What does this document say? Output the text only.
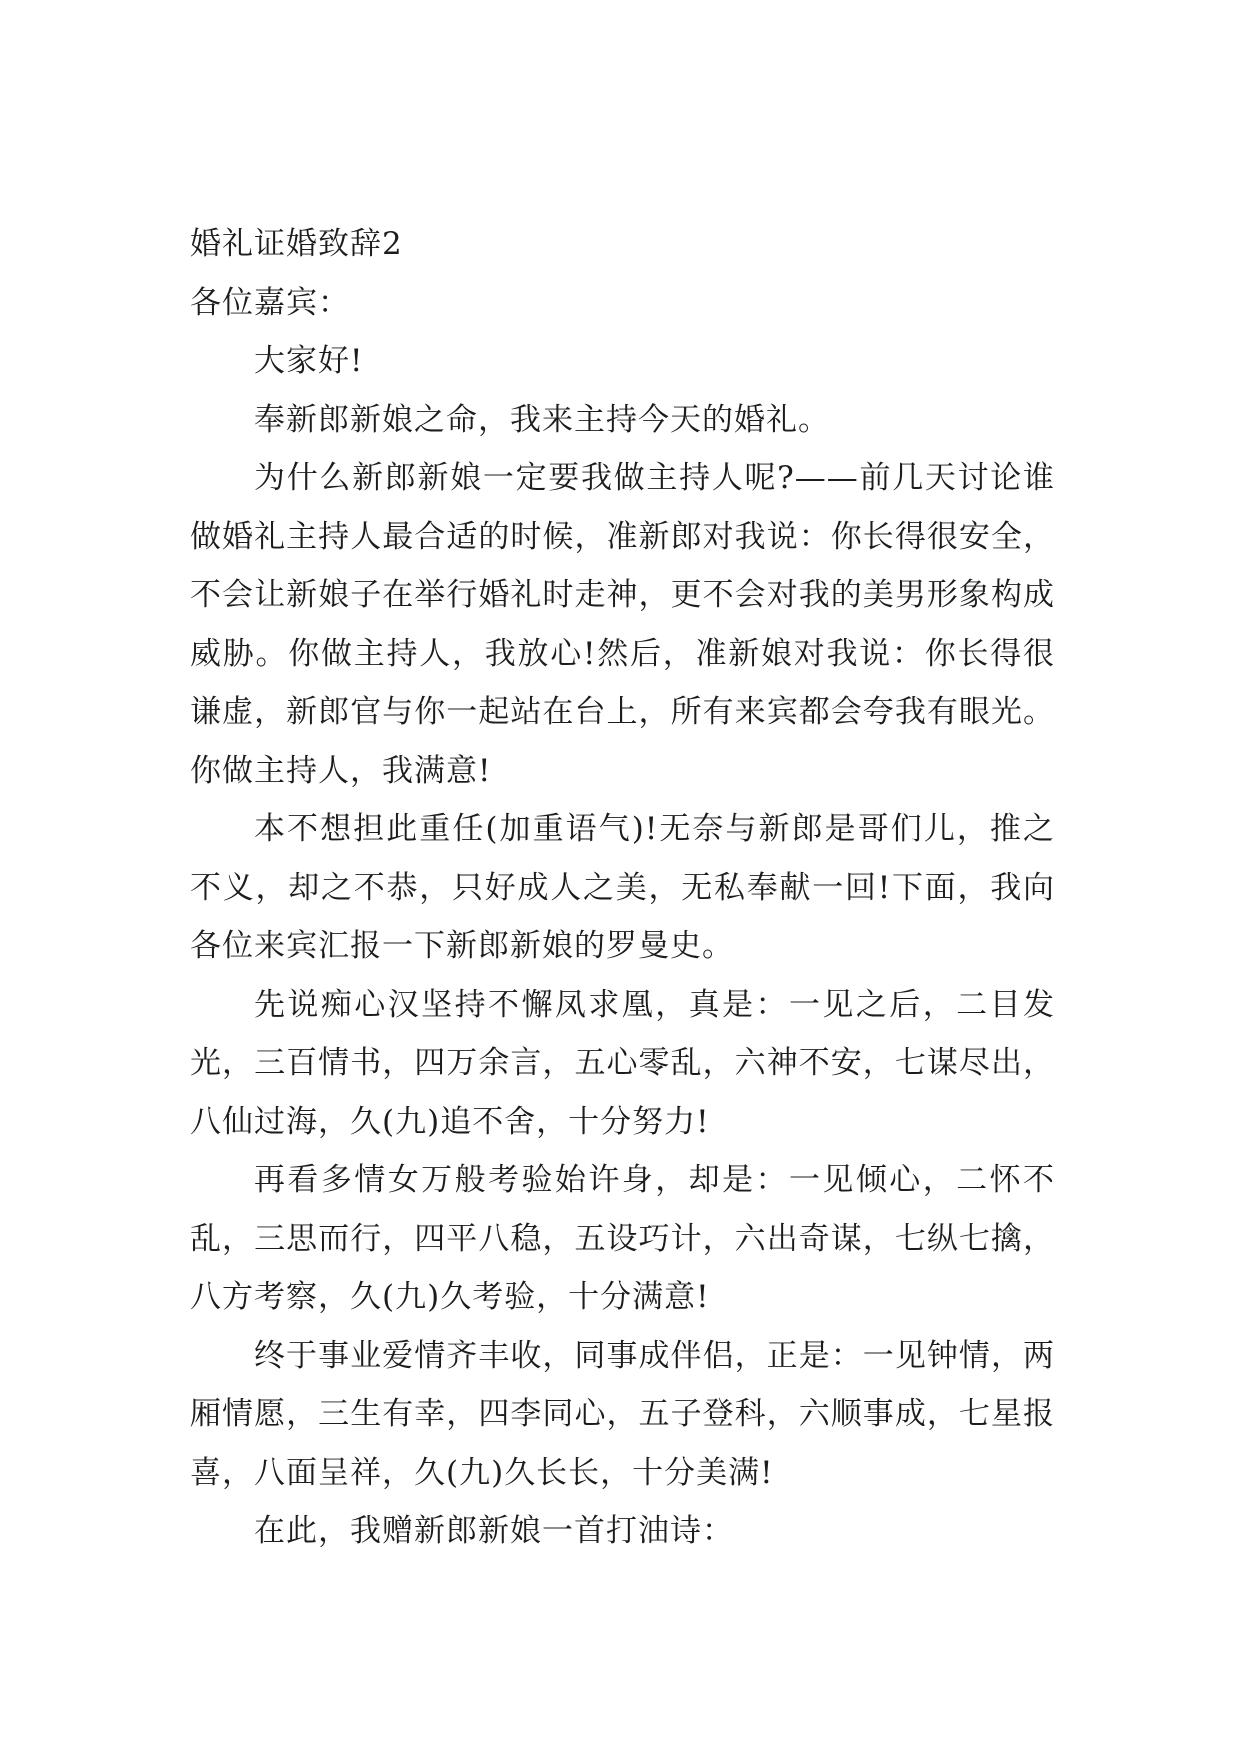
婚礼证婚致辞2

各位嘉宾：

大家好!

奉新郎新娘之命，我来主持今天的婚礼。

为什么新郎新娘一定要我做主持人呢?——前几天讨论谁做婚礼主持人最合适的时候，准新郎对我说：你长得很安全，不会让新娘子在举行婚礼时走神，更不会对我的美男形象构成威胁。你做主持人，我放心!然后，准新娘对我说：你长得很谦虚，新郎官与你一起站在台上，所有来宾都会夸我有眼光。你做主持人，我满意!

本不想担此重任(加重语气)!无奈与新郎是哥们儿，推之不义，却之不恭，只好成人之美，无私奉献一回!下面，我向各位来宾汇报一下新郎新娘的罗曼史。

先说痴心汉坚持不懈凤求凰，真是：一见之后，二目发光，三百情书，四万余言，五心零乱，六神不安，七谋尽出，八仙过海，久(九)追不舍，十分努力!

再看多情女万般考验始许身，却是：一见倾心，二怀不乱，三思而行，四平八稳，五设巧计，六出奇谋，七纵七擒，八方考察，久(九)久考验，十分满意!

终于事业爱情齐丰收，同事成伴侣，正是：一见钟情，两厢情愿，三生有幸，四李同心，五子登科，六顺事成，七星报喜，八面呈祥，久(九)久长长，十分美满!

在此，我赠新郎新娘一首打油诗：
